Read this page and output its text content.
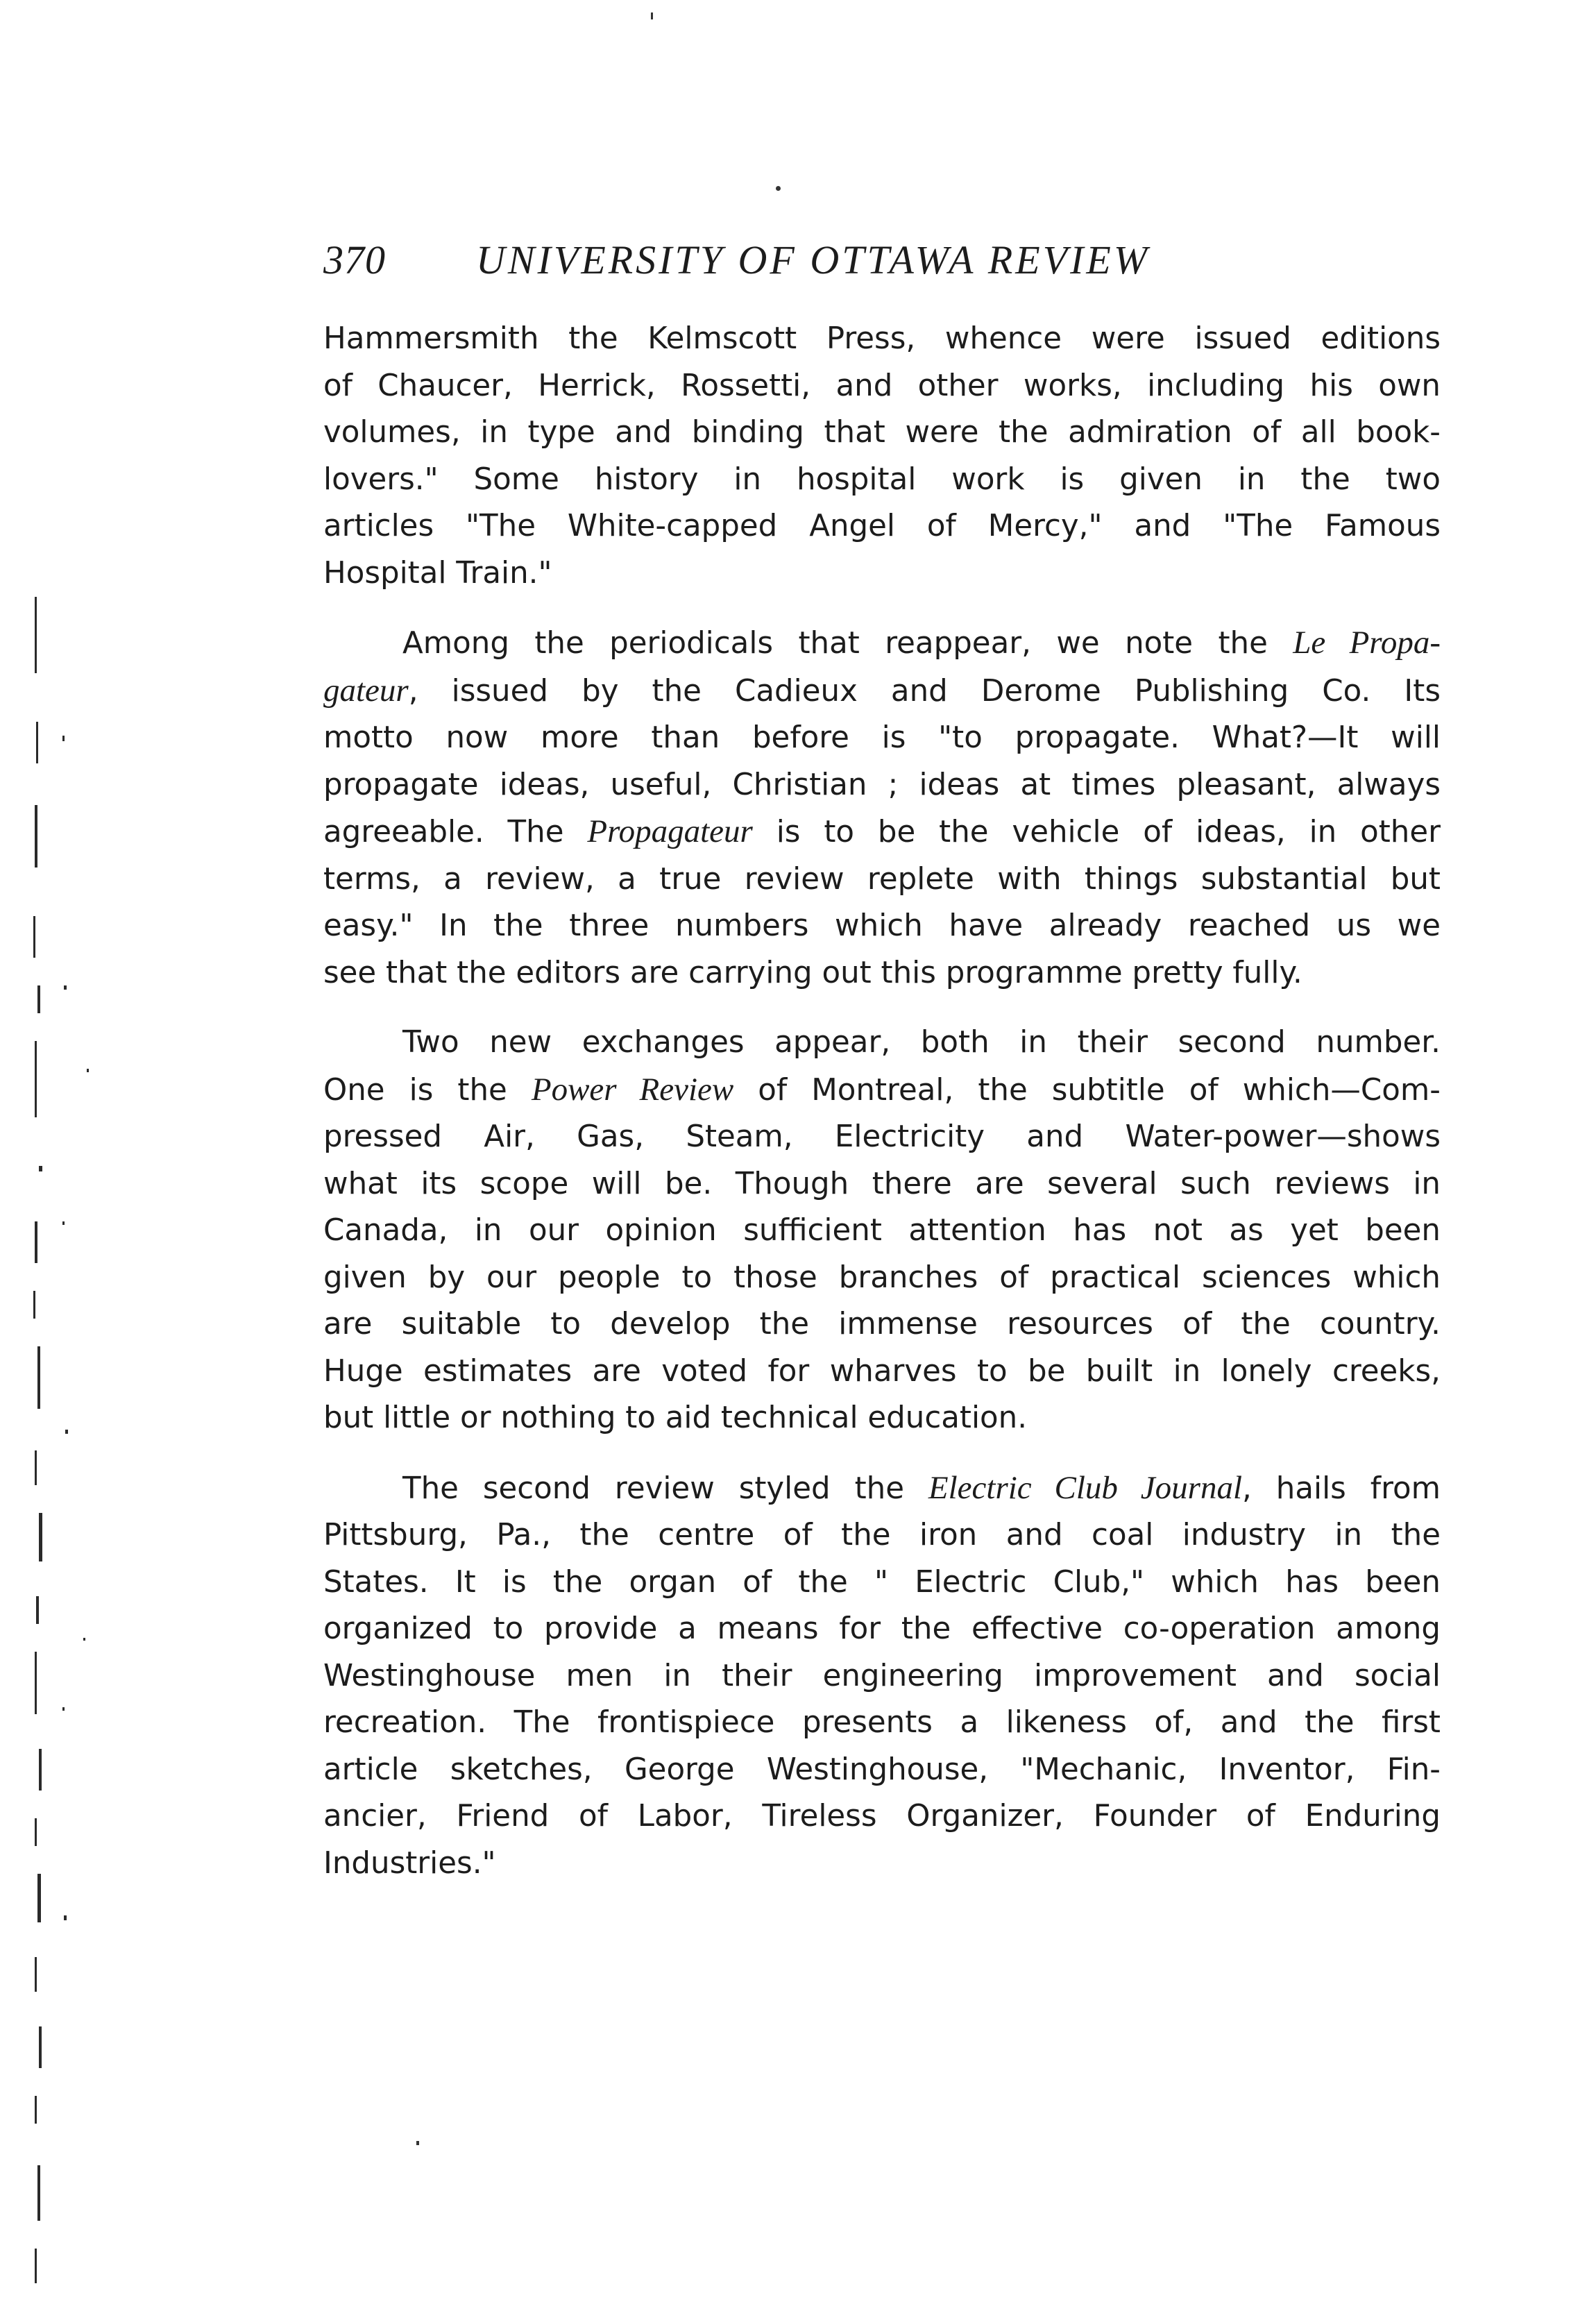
370 UNIVERSITY OF OTTAWA REVIEW

Hammersmith the Kelmscott Press, whence were issued editions
of Chaucer, Herrick, Rossetti, and other works, including his own
volumes, in type and binding that were the admiration of all book-
lovers." Some history in hospital work is given in the two
articles "The White-capped Angel of Mercy," and "The Famous
Hospital Train."

Among the periodicals that reappear, we note the Le Propa-
gateur, issued by the Cadieux and Derome Publishing Co. Its
motto now more than before is "to propagate. What?—It will
propagate ideas, useful, Christian ; ideas at times pleasant, always
agreeable. The Propagateur is to be the vehicle of ideas, in other
terms, a review, a true review replete with things substantial but
easy." In the three numbers which have already reached us we
see that the editors are carrying out this programme pretty fully.

Two new exchanges appear, both in their second number.
One is the Power Review of Montreal, the subtitle of which—Com-
pressed Air, Gas, Steam, Electricity and Water-power—shows
what its scope will be. Though there are several such reviews in
Canada, in our opinion sufficient attention has not as yet been
given by our people to those branches of practical sciences which
are suitable to develop the immense resources of the country.
Huge estimates are voted for wharves to be built in lonely creeks,
but little or nothing to aid technical education.

The second review styled the Electric Club Journal, hails from
Pittsburg, Pa., the centre of the iron and coal industry in the
States. It is the organ of the " Electric Club," which has been
organized to provide a means for the effective co-operation among
Westinghouse men in their engineering improvement and social
recreation. The frontispiece presents a likeness of, and the first
article sketches, George Westinghouse, "Mechanic, Inventor, Fin-
ancier, Friend of Labor, Tireless Organizer, Founder of Enduring
Industries."
